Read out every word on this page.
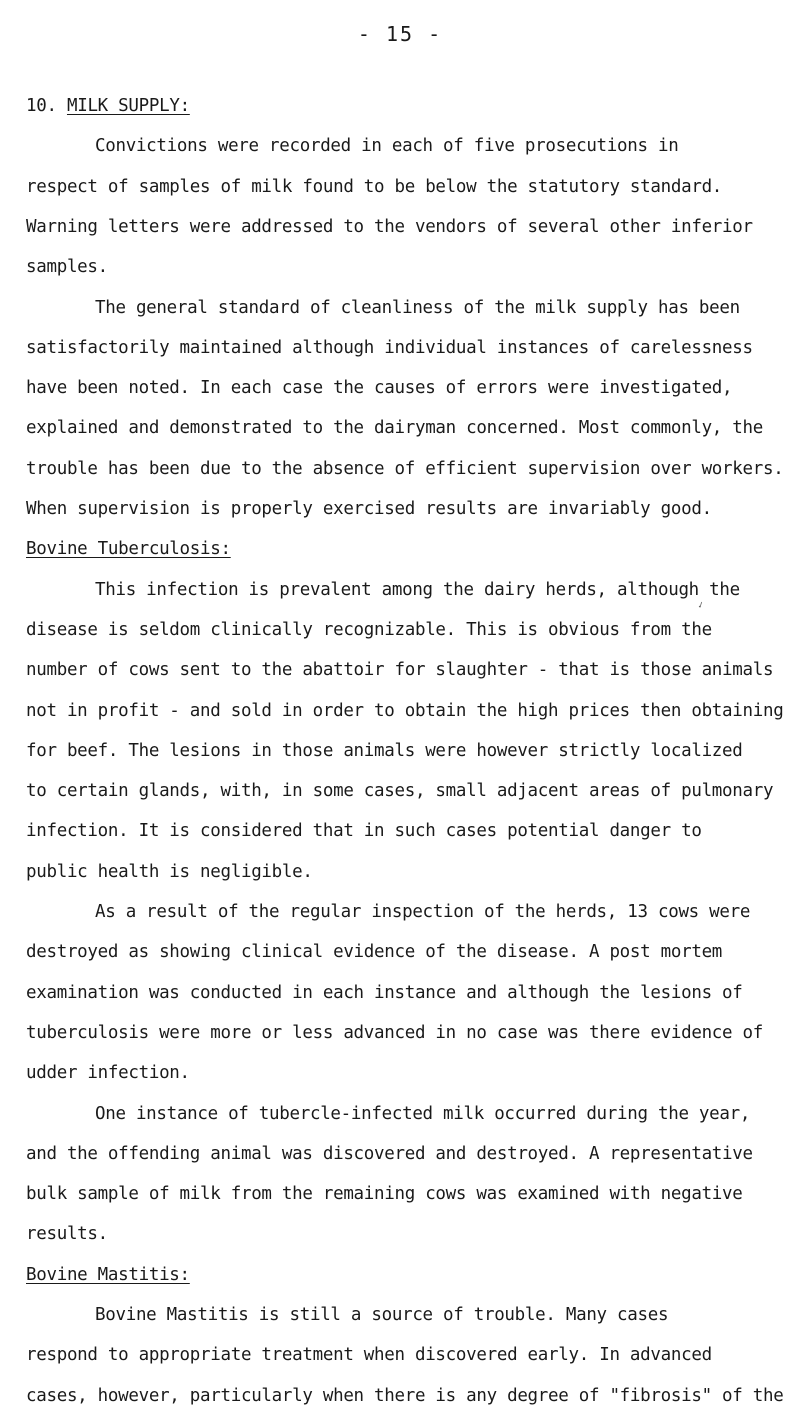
- 15 -
10. MILK SUPPLY:
Convictions were recorded in each of five prosecutions in
respect of samples of milk found to be below the statutory standard.
Warning letters were addressed to the vendors of several other inferior
samples.
The general standard of cleanliness of the milk supply has been
satisfactorily maintained although individual instances of carelessness
have been noted. In each case the causes of errors were investigated,
explained and demonstrated to the dairyman concerned. Most commonly, the
trouble has been due to the absence of efficient supervision over workers.
When supervision is properly exercised results are invariably good.
✓
Bovine Tuberculosis:
This infection is prevalent among the dairy herds, although the
disease is seldom clinically recognizable. This is obvious from the
number of cows sent to the abattoir for slaughter - that is those animals
not in profit - and sold in order to obtain the high prices then obtaining
for beef. The lesions in those animals were however strictly localized
to certain glands, with, in some cases, small adjacent areas of pulmonary
infection. It is considered that in such cases potential danger to
public health is negligible.
As a result of the regular inspection of the herds, 13 cows were
destroyed as showing clinical evidence of the disease. A post mortem
examination was conducted in each instance and although the lesions of
tuberculosis were more or less advanced in no case was there evidence of
udder infection.
One instance of tubercle-infected milk occurred during the year,
and the offending animal was discovered and destroyed. A representative
bulk sample of milk from the remaining cows was examined with negative
results.
Bovine Mastitis:
Bovine Mastitis is still a source of trouble. Many cases
respond to appropriate treatment when discovered early. In advanced
cases, however, particularly when there is any degree of "fibrosis" of the
